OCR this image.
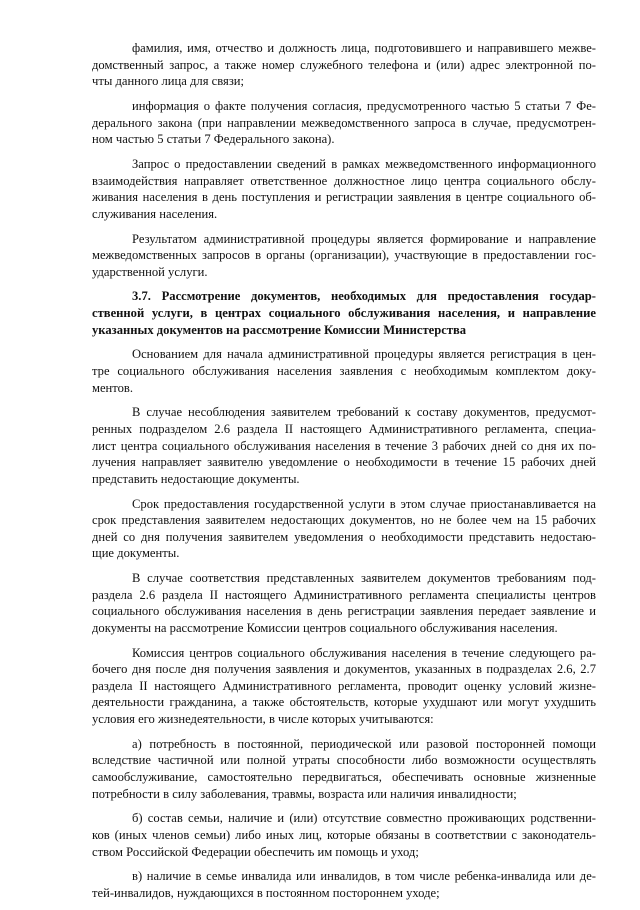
фамилия, имя, отчество и должность лица, подготовившего и направившего межве-
домственный запрос, а также номер служебного телефона и (или) адрес электронной по-
чты данного лица для связи;
информация о факте получения согласия, предусмотренного частью 5 статьи 7 Фе-
дерального закона (при направлении межведомственного запроса в случае, предусмотрен-
ном частью 5 статьи 7 Федерального закона).
Запрос о предоставлении сведений в рамках межведомственного информационного
взаимодействия направляет ответственное должностное лицо центра социального обслу-
живания населения в день поступления и регистрации заявления в центре социального об-
служивания населения.
Результатом административной процедуры является формирование и направление
межведомственных запросов в органы (организации), участвующие в предоставлении гос-
ударственной услуги.
3.7. Рассмотрение документов, необходимых для предоставления государ-
ственной услуги, в центрах социального обслуживания населения, и направление
указанных документов на рассмотрение Комиссии Министерства
Основанием для начала административной процедуры является регистрация в цен-
тре социального обслуживания населения заявления с необходимым комплектом доку-
ментов.
В случае несоблюдения заявителем требований к составу документов, предусмот-
ренных подразделом 2.6 раздела II настоящего Административного регламента, специа-
лист центра социального обслуживания населения в течение 3 рабочих дней со дня их по-
лучения направляет заявителю уведомление о необходимости в течение 15 рабочих дней
представить недостающие документы.
Срок предоставления государственной услуги в этом случае приостанавливается на
срок представления заявителем недостающих документов, но не более чем на 15 рабочих
дней со дня получения заявителем уведомления о необходимости представить недостаю-
щие документы.
В случае соответствия представленных заявителем документов требованиям под-
раздела 2.6 раздела II настоящего Административного регламента специалисты центров
социального обслуживания населения в день регистрации заявления передает заявление и
документы на рассмотрение Комиссии центров социального обслуживания населения.
Комиссия центров социального обслуживания населения в течение следующего ра-
бочего дня после дня получения заявления и документов, указанных в подразделах 2.6, 2.7
раздела II настоящего Административного регламента, проводит оценку условий жизне-
деятельности гражданина, а также обстоятельств, которые ухудшают или могут ухудшить
условия его жизнедеятельности, в числе которых учитываются:
а) потребность в постоянной, периодической или разовой посторонней помощи
вследствие частичной или полной утраты способности либо возможности осуществлять
самообслуживание, самостоятельно передвигаться, обеспечивать основные жизненные
потребности в силу заболевания, травмы, возраста или наличия инвалидности;
б) состав семьи, наличие и (или) отсутствие совместно проживающих родственни-
ков (иных членов семьи) либо иных лиц, которые обязаны в соответствии с законодатель-
ством Российской Федерации обеспечить им помощь и уход;
в) наличие в семье инвалида или инвалидов, в том числе ребенка-инвалида или де-
тей-инвалидов, нуждающихся в постоянном постороннем уходе;
